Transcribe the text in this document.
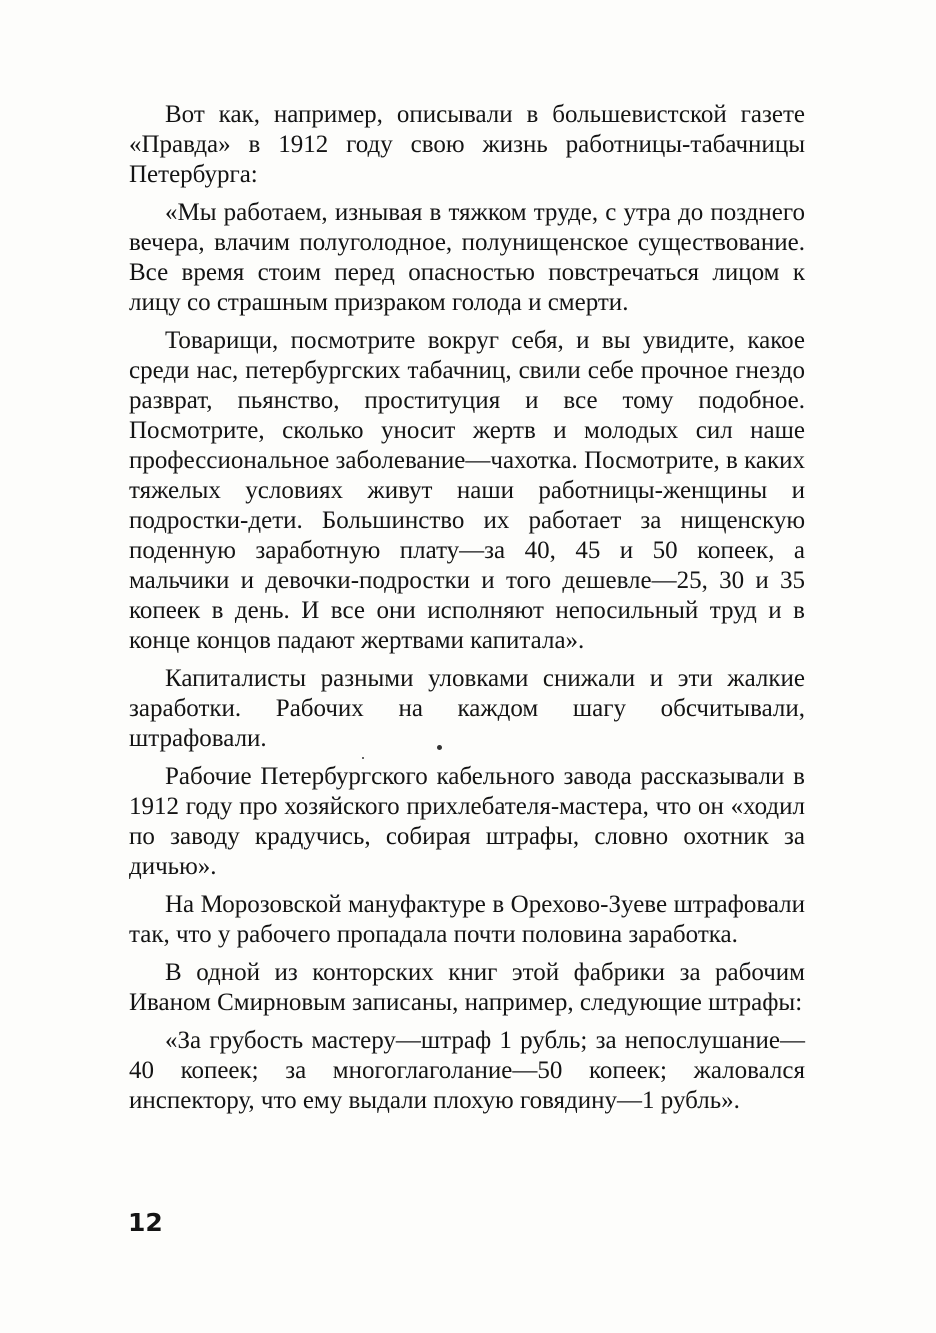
Вот как, например, описывали в большевистской газете «Правда» в 1912 году свою жизнь работницы-табачницы Петербурга:

«Мы работаем, изнывая в тяжком труде, с утра до позднего вечера, влачим полуголодное, полунищенское существование. Все время стоим перед опасностью повстречаться лицом к лицу со страшным призраком голода и смерти.

Товарищи, посмотрите вокруг себя, и вы увидите, какое среди нас, петербургских табачниц, свили себе прочное гнездо разврат, пьянство, проституция и все тому подобное. Посмотрите, сколько уносит жертв и молодых сил наше профессиональное заболевание—чахотка. Посмотрите, в каких тяжелых условиях живут наши работницы-женщины и подростки-дети. Большинство их работает за нищенскую поденную заработную плату—за 40, 45 и 50 копеек, а мальчики и девочки-подростки и того дешевле—25, 30 и 35 копеек в день. И все они исполняют непосильный труд и в конце концов падают жертвами капитала».

Капиталисты разными уловками снижали и эти жалкие заработки. Рабочих на каждом шагу обсчитывали, штрафовали.

Рабочие Петербургского кабельного завода рассказывали в 1912 году про хозяйского прихлебателя-мастера, что он «ходил по заводу крадучись, собирая штрафы, словно охотник за дичью».

На Морозовской мануфактуре в Орехово-Зуеве штрафовали так, что у рабочего пропадала почти половина заработка.

В одной из конторских книг этой фабрики за рабочим Иваном Смирновым записаны, например, следующие штрафы:

«За грубость мастеру—штраф 1 рубль; за непослушание—40 копеек; за многоглаголание—50 копеек; жаловался инспектору, что ему выдали плохую говядину—1 рубль».

12
